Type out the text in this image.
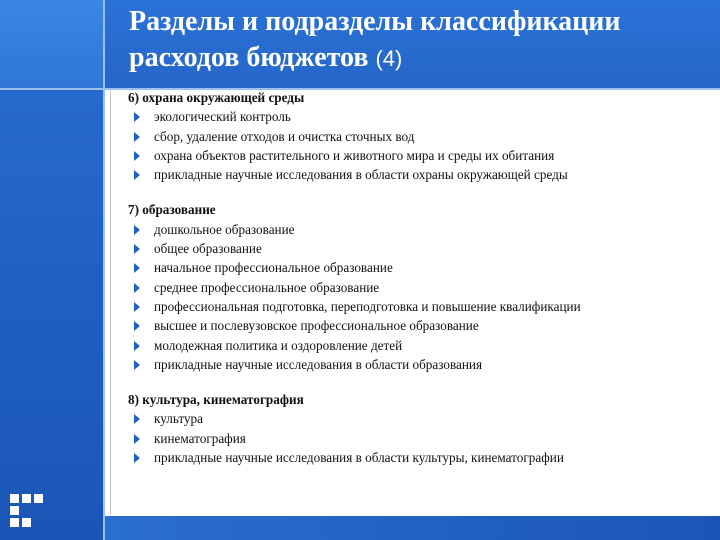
Разделы и подразделы классификации
расходов бюджетов (4)
6) охрана окружающей среды
экологический контроль
сбор, удаление отходов и очистка сточных вод
охрана объектов растительного и животного мира и среды их обитания
прикладные научные исследования в области охраны окружающей среды
7) образование
дошкольное образование
общее образование
начальное профессиональное образование
среднее профессиональное образование
профессиональная подготовка, переподготовка и повышение квалификации
высшее и послевузовское профессиональное образование
молодежная политика и оздоровление детей
прикладные научные исследования в области образования
8) культура, кинематография
культура
кинематография
прикладные научные исследования в области культуры, кинематографии
